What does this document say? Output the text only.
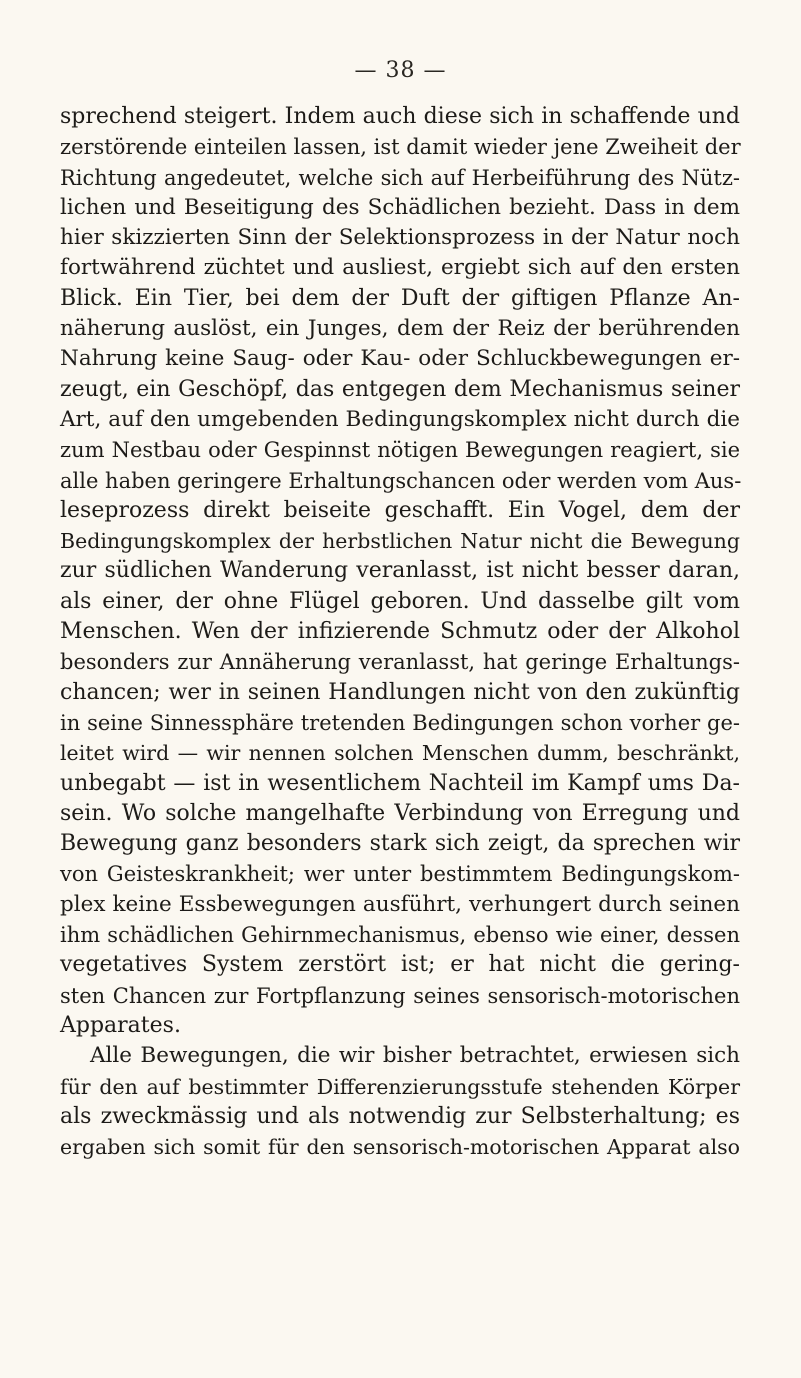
— 38 —
sprechend steigert. Indem auch diese sich in schaffende und
zerstörende einteilen lassen, ist damit wieder jene Zweiheit der
Richtung angedeutet, welche sich auf Herbeiführung des Nütz-
lichen und Beseitigung des Schädlichen bezieht. Dass in dem
hier skizzierten Sinn der Selektionsprozess in der Natur noch
fortwährend züchtet und ausliest, ergiebt sich auf den ersten
Blick. Ein Tier, bei dem der Duft der giftigen Pflanze An-
näherung auslöst, ein Junges, dem der Reiz der berührenden
Nahrung keine Saug- oder Kau- oder Schluckbewegungen er-
zeugt, ein Geschöpf, das entgegen dem Mechanismus seiner
Art, auf den umgebenden Bedingungskomplex nicht durch die
zum Nestbau oder Gespinnst nötigen Bewegungen reagiert, sie
alle haben geringere Erhaltungschancen oder werden vom Aus-
leseprozess direkt beiseite geschafft. Ein Vogel, dem der
Bedingungskomplex der herbstlichen Natur nicht die Bewegung
zur südlichen Wanderung veranlasst, ist nicht besser daran,
als einer, der ohne Flügel geboren. Und dasselbe gilt vom
Menschen. Wen der infizierende Schmutz oder der Alkohol
besonders zur Annäherung veranlasst, hat geringe Erhaltungs-
chancen; wer in seinen Handlungen nicht von den zukünftig
in seine Sinnessphäre tretenden Bedingungen schon vorher ge-
leitet wird — wir nennen solchen Menschen dumm, beschränkt,
unbegabt — ist in wesentlichem Nachteil im Kampf ums Da-
sein. Wo solche mangelhafte Verbindung von Erregung und
Bewegung ganz besonders stark sich zeigt, da sprechen wir
von Geisteskrankheit; wer unter bestimmtem Bedingungskom-
plex keine Essbewegungen ausführt, verhungert durch seinen
ihm schädlichen Gehirnmechanismus, ebenso wie einer, dessen
vegetatives System zerstört ist; er hat nicht die gering-
sten Chancen zur Fortpflanzung seines sensorisch-motorischen
Apparates.
Alle Bewegungen, die wir bisher betrachtet, erwiesen sich
für den auf bestimmter Differenzierungsstufe stehenden Körper
als zweckmässig und als notwendig zur Selbsterhaltung; es
ergaben sich somit für den sensorisch-motorischen Apparat also
